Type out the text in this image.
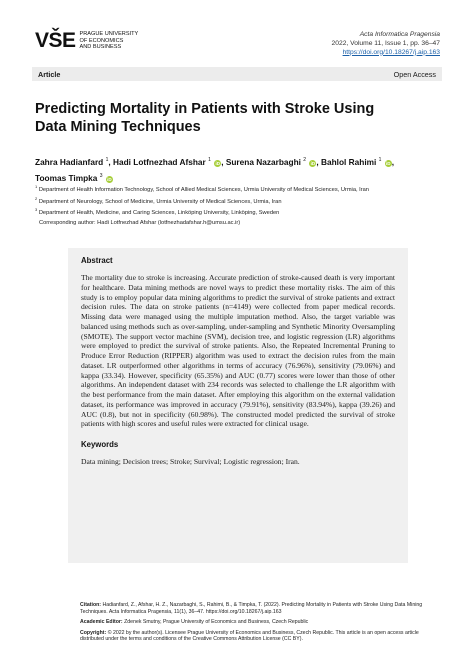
VŠE PRAGUE UNIVERSITY
OF ECONOMICS
AND BUSINESS
Acta Informatica Pragensia
2022, Volume 11, Issue 1, pp. 36–47
https://doi.org/10.18267/j.aip.163
Article	Open Access
Predicting Mortality in Patients with Stroke Using Data Mining Techniques
Zahra Hadianfard $^1$, Hadi Lotfnezhad Afshar $^1$ iD, Surena Nazarbaghi $^2$ iD, Bahlol Rahimi $^1$ iD,
Toomas Timpka $^3$ iD
$^1$ Department of Health Information Technology, School of Allied Medical Sciences, Urmia University of Medical Sciences, Urmia, Iran
$^2$ Department of Neurology, School of Medicine, Urmia University of Medical Sciences, Urmia, Iran
$^3$ Department of Health, Medicine, and Caring Sciences, Linköping University, Linköping, Sweden
Corresponding author: Hadi Lotfnezhad Afshar (lotfnezhadafshar.h@umsu.ac.ir)
Abstract
The mortality due to stroke is increasing. Accurate prediction of stroke-caused death is very important for healthcare. Data mining methods are novel ways to predict these mortality risks. The aim of this study is to employ popular data mining algorithms to predict the survival of stroke patients and extract decision rules. The data on stroke patients (n=4149) were collected from paper medical records. Missing data were managed using the multiple imputation method. Also, the target variable was balanced using methods such as over-sampling, under-sampling and Synthetic Minority Oversampling (SMOTE). The support vector machine (SVM), decision tree, and logistic regression (LR) algorithms were employed to predict the survival of stroke patients. Also, the Repeated Incremental Pruning to Produce Error Reduction (RIPPER) algorithm was used to extract the decision rules from the main dataset. LR outperformed other algorithms in terms of accuracy (76.96%), sensitivity (79.06%) and kappa (33.34). However, specificity (65.35%) and AUC (0.77) scores were lower than those of other algorithms. An independent dataset with 234 records was selected to challenge the LR algorithm with the best performance from the main dataset. After employing this algorithm on the external validation dataset, its performance was improved in accuracy (79.91%), sensitivity (83.94%), kappa (39.26) and AUC (0.8), but not in specificity (60.98%). The constructed model predicted the survival of stroke patients with high scores and useful rules were extracted for clinical usage.
Keywords
Data mining; Decision trees; Stroke; Survival; Logistic regression; Iran.
Citation: Hadianfard, Z., Afshar, H. Z., Nazarbaghi, S., Rahimi, B., & Timpka, T. (2022). Predicting Mortality in Patients with Stroke Using Data Mining Techniques. Acta Informatica Pragensia, 11(1), 36–47. https://doi.org/10.18267/j.aip.163
Academic Editor: Zdenek Smutny, Prague University of Economics and Business, Czech Republic
Copyright: © 2022 by the author(s). Licensee Prague University of Economics and Business, Czech Republic. This article is an open access article distributed under the terms and conditions of the Creative Commons Attribution License (CC BY).
